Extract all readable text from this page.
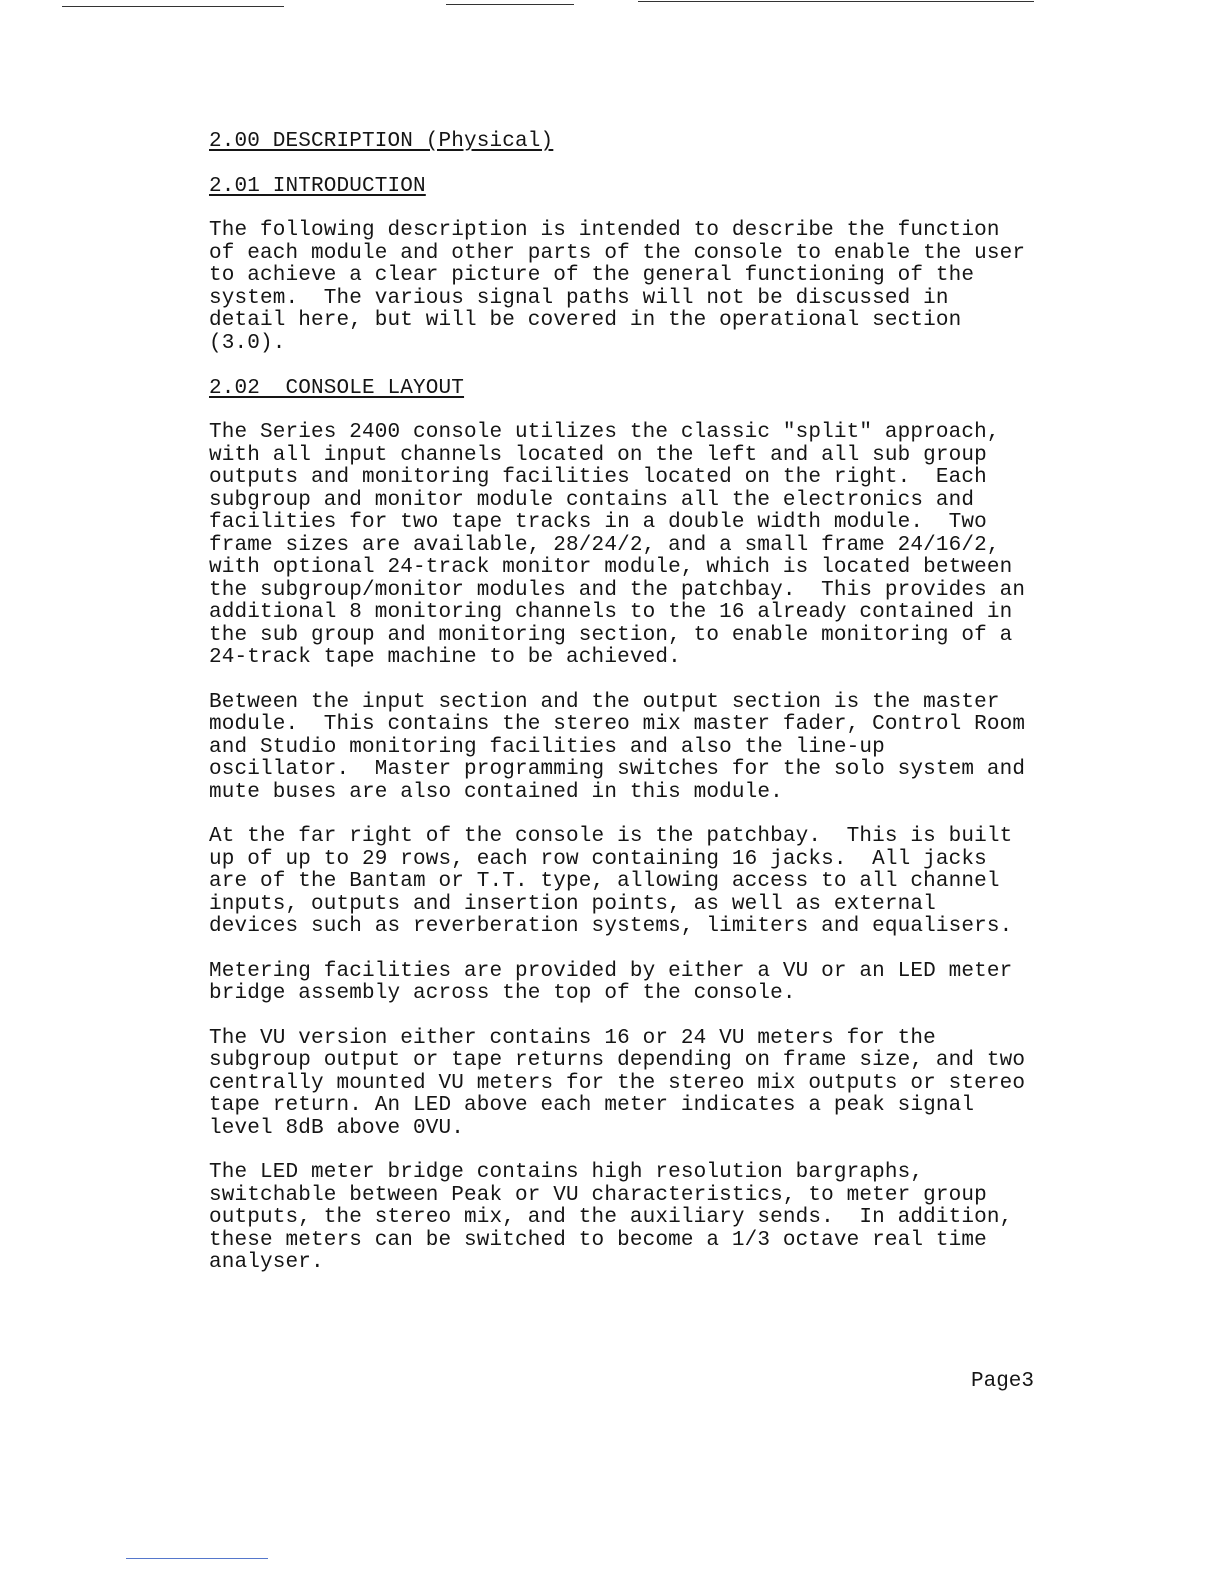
2.00 DESCRIPTION (Physical)
2.01 INTRODUCTION
The following description is intended to describe the function
of each module and other parts of the console to enable the user
to achieve a clear picture of the general functioning of the
system.  The various signal paths will not be discussed in
detail here, but will be covered in the operational section
(3.0).
2.02  CONSOLE LAYOUT
The Series 2400 console utilizes the classic "split" approach,
with all input channels located on the left and all sub group
outputs and monitoring facilities located on the right.  Each
subgroup and monitor module contains all the electronics and
facilities for two tape tracks in a double width module.  Two
frame sizes are available, 28/24/2, and a small frame 24/16/2,
with optional 24-track monitor module, which is located between
the subgroup/monitor modules and the patchbay.  This provides an
additional 8 monitoring channels to the 16 already contained in
the sub group and monitoring section, to enable monitoring of a
24-track tape machine to be achieved.
Between the input section and the output section is the master
module.  This contains the stereo mix master fader, Control Room
and Studio monitoring facilities and also the line-up
oscillator.  Master programming switches for the solo system and
mute buses are also contained in this module.
At the far right of the console is the patchbay.  This is built
up of up to 29 rows, each row containing 16 jacks.  All jacks
are of the Bantam or T.T. type, allowing access to all channel
inputs, outputs and insertion points, as well as external
devices such as reverberation systems, limiters and equalisers.
Metering facilities are provided by either a VU or an LED meter
bridge assembly across the top of the console.
The VU version either contains 16 or 24 VU meters for the
subgroup output or tape returns depending on frame size, and two
centrally mounted VU meters for the stereo mix outputs or stereo
tape return. An LED above each meter indicates a peak signal
level 8dB above 0VU.
The LED meter bridge contains high resolution bargraphs,
switchable between Peak or VU characteristics, to meter group
outputs, the stereo mix, and the auxiliary sends.  In addition,
these meters can be switched to become a 1/3 octave real time
analyser.
Page3
